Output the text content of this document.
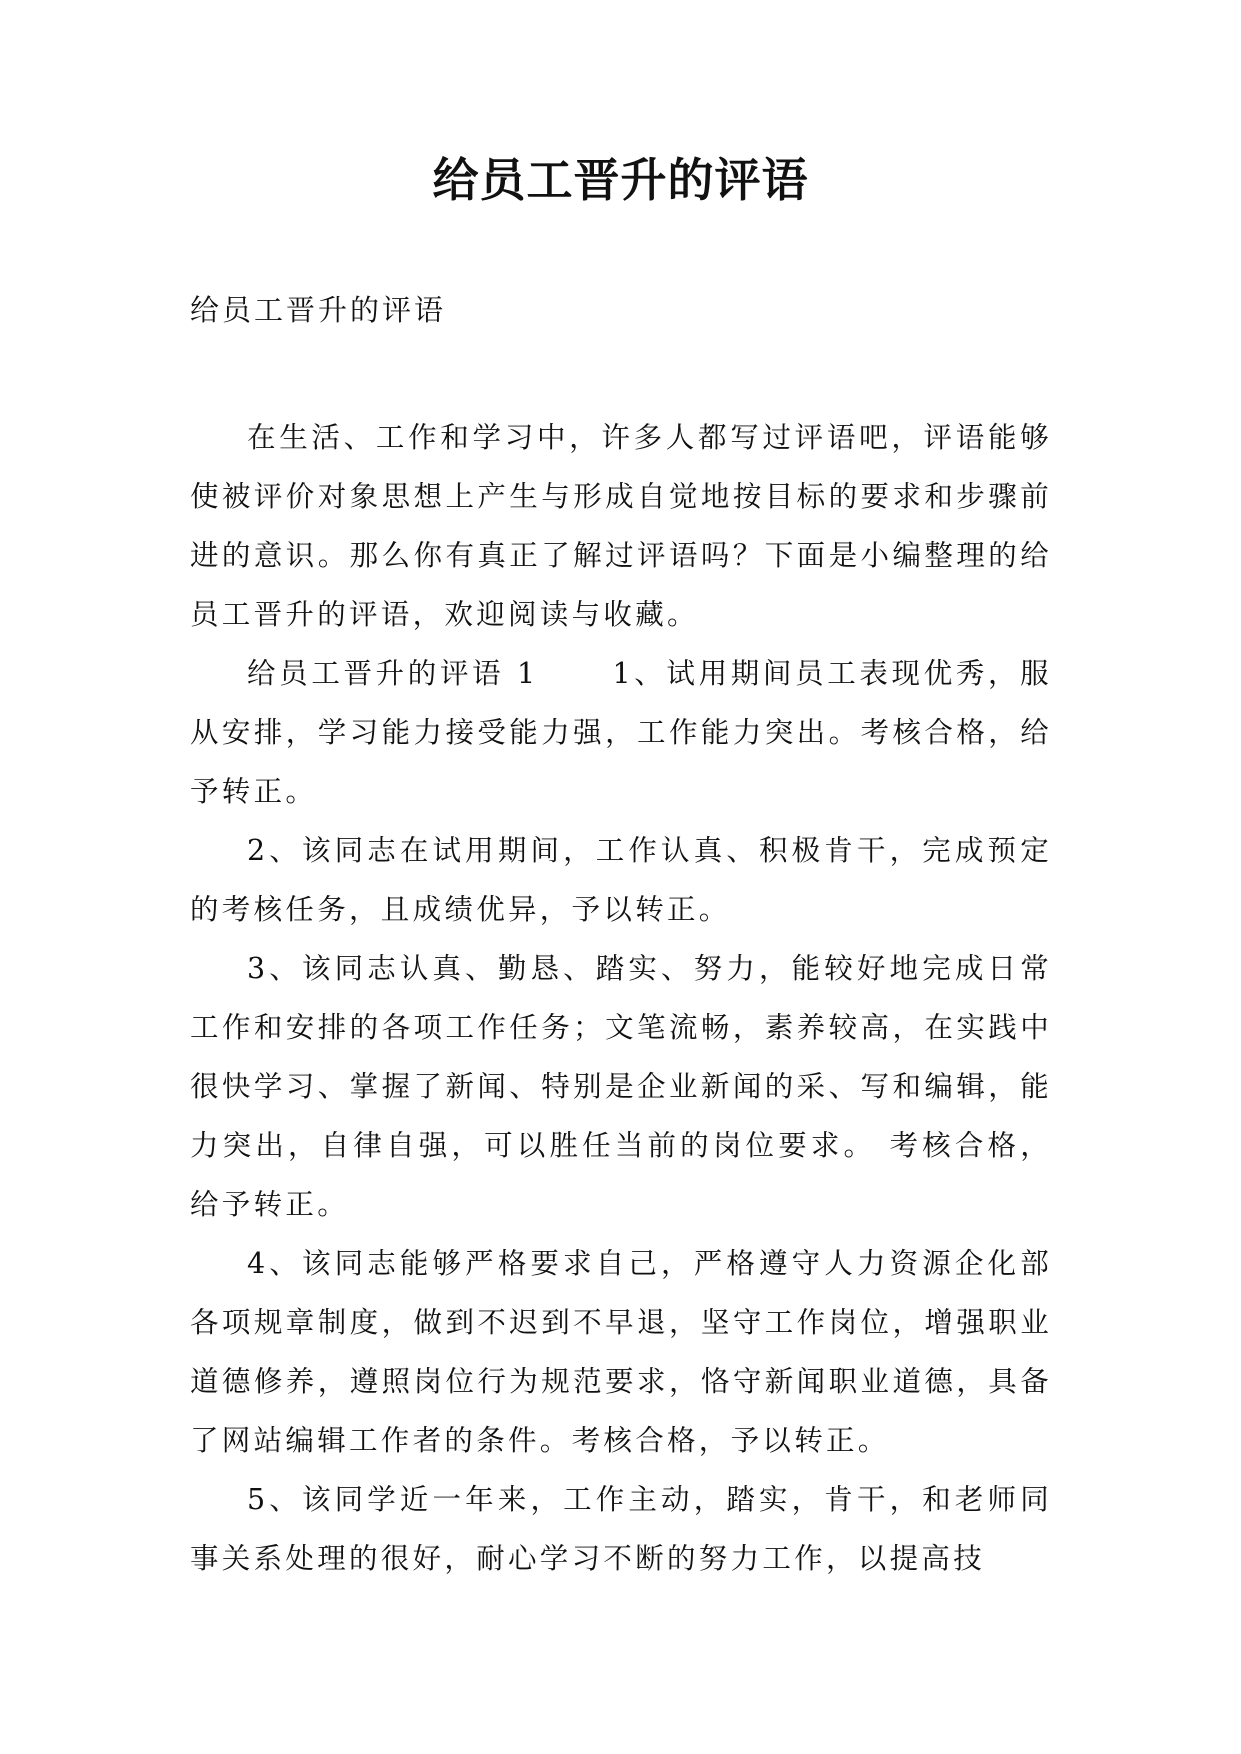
给员工晋升的评语

给员工晋升的评语

在生活、工作和学习中，许多人都写过评语吧，评语能够使被评价对象思想上产生与形成自觉地按目标的要求和步骤前进的意识。那么你有真正了解过评语吗？下面是小编整理的给员工晋升的评语，欢迎阅读与收藏。

给员工晋升的评语 1	1、试用期间员工表现优秀，服从安排，学习能力接受能力强，工作能力突出。考核合格，给予转正。

2、该同志在试用期间，工作认真、积极肯干，完成预定的考核任务，且成绩优异，予以转正。

3、该同志认真、勤恳、踏实、努力，能较好地完成日常工作和安排的各项工作任务；文笔流畅，素养较高，在实践中很快学习、掌握了新闻、特别是企业新闻的采、写和编辑，能力突出，自律自强，可以胜任当前的岗位要求。 考核合格，给予转正。

4、该同志能够严格要求自己，严格遵守人力资源企化部各项规章制度，做到不迟到不早退，坚守工作岗位，增强职业道德修养，遵照岗位行为规范要求，恪守新闻职业道德，具备了网站编辑工作者的条件。考核合格，予以转正。

5、该同学近一年来，工作主动，踏实，肯干，和老师同事关系处理的很好，耐心学习不断的努力工作，以提高技
